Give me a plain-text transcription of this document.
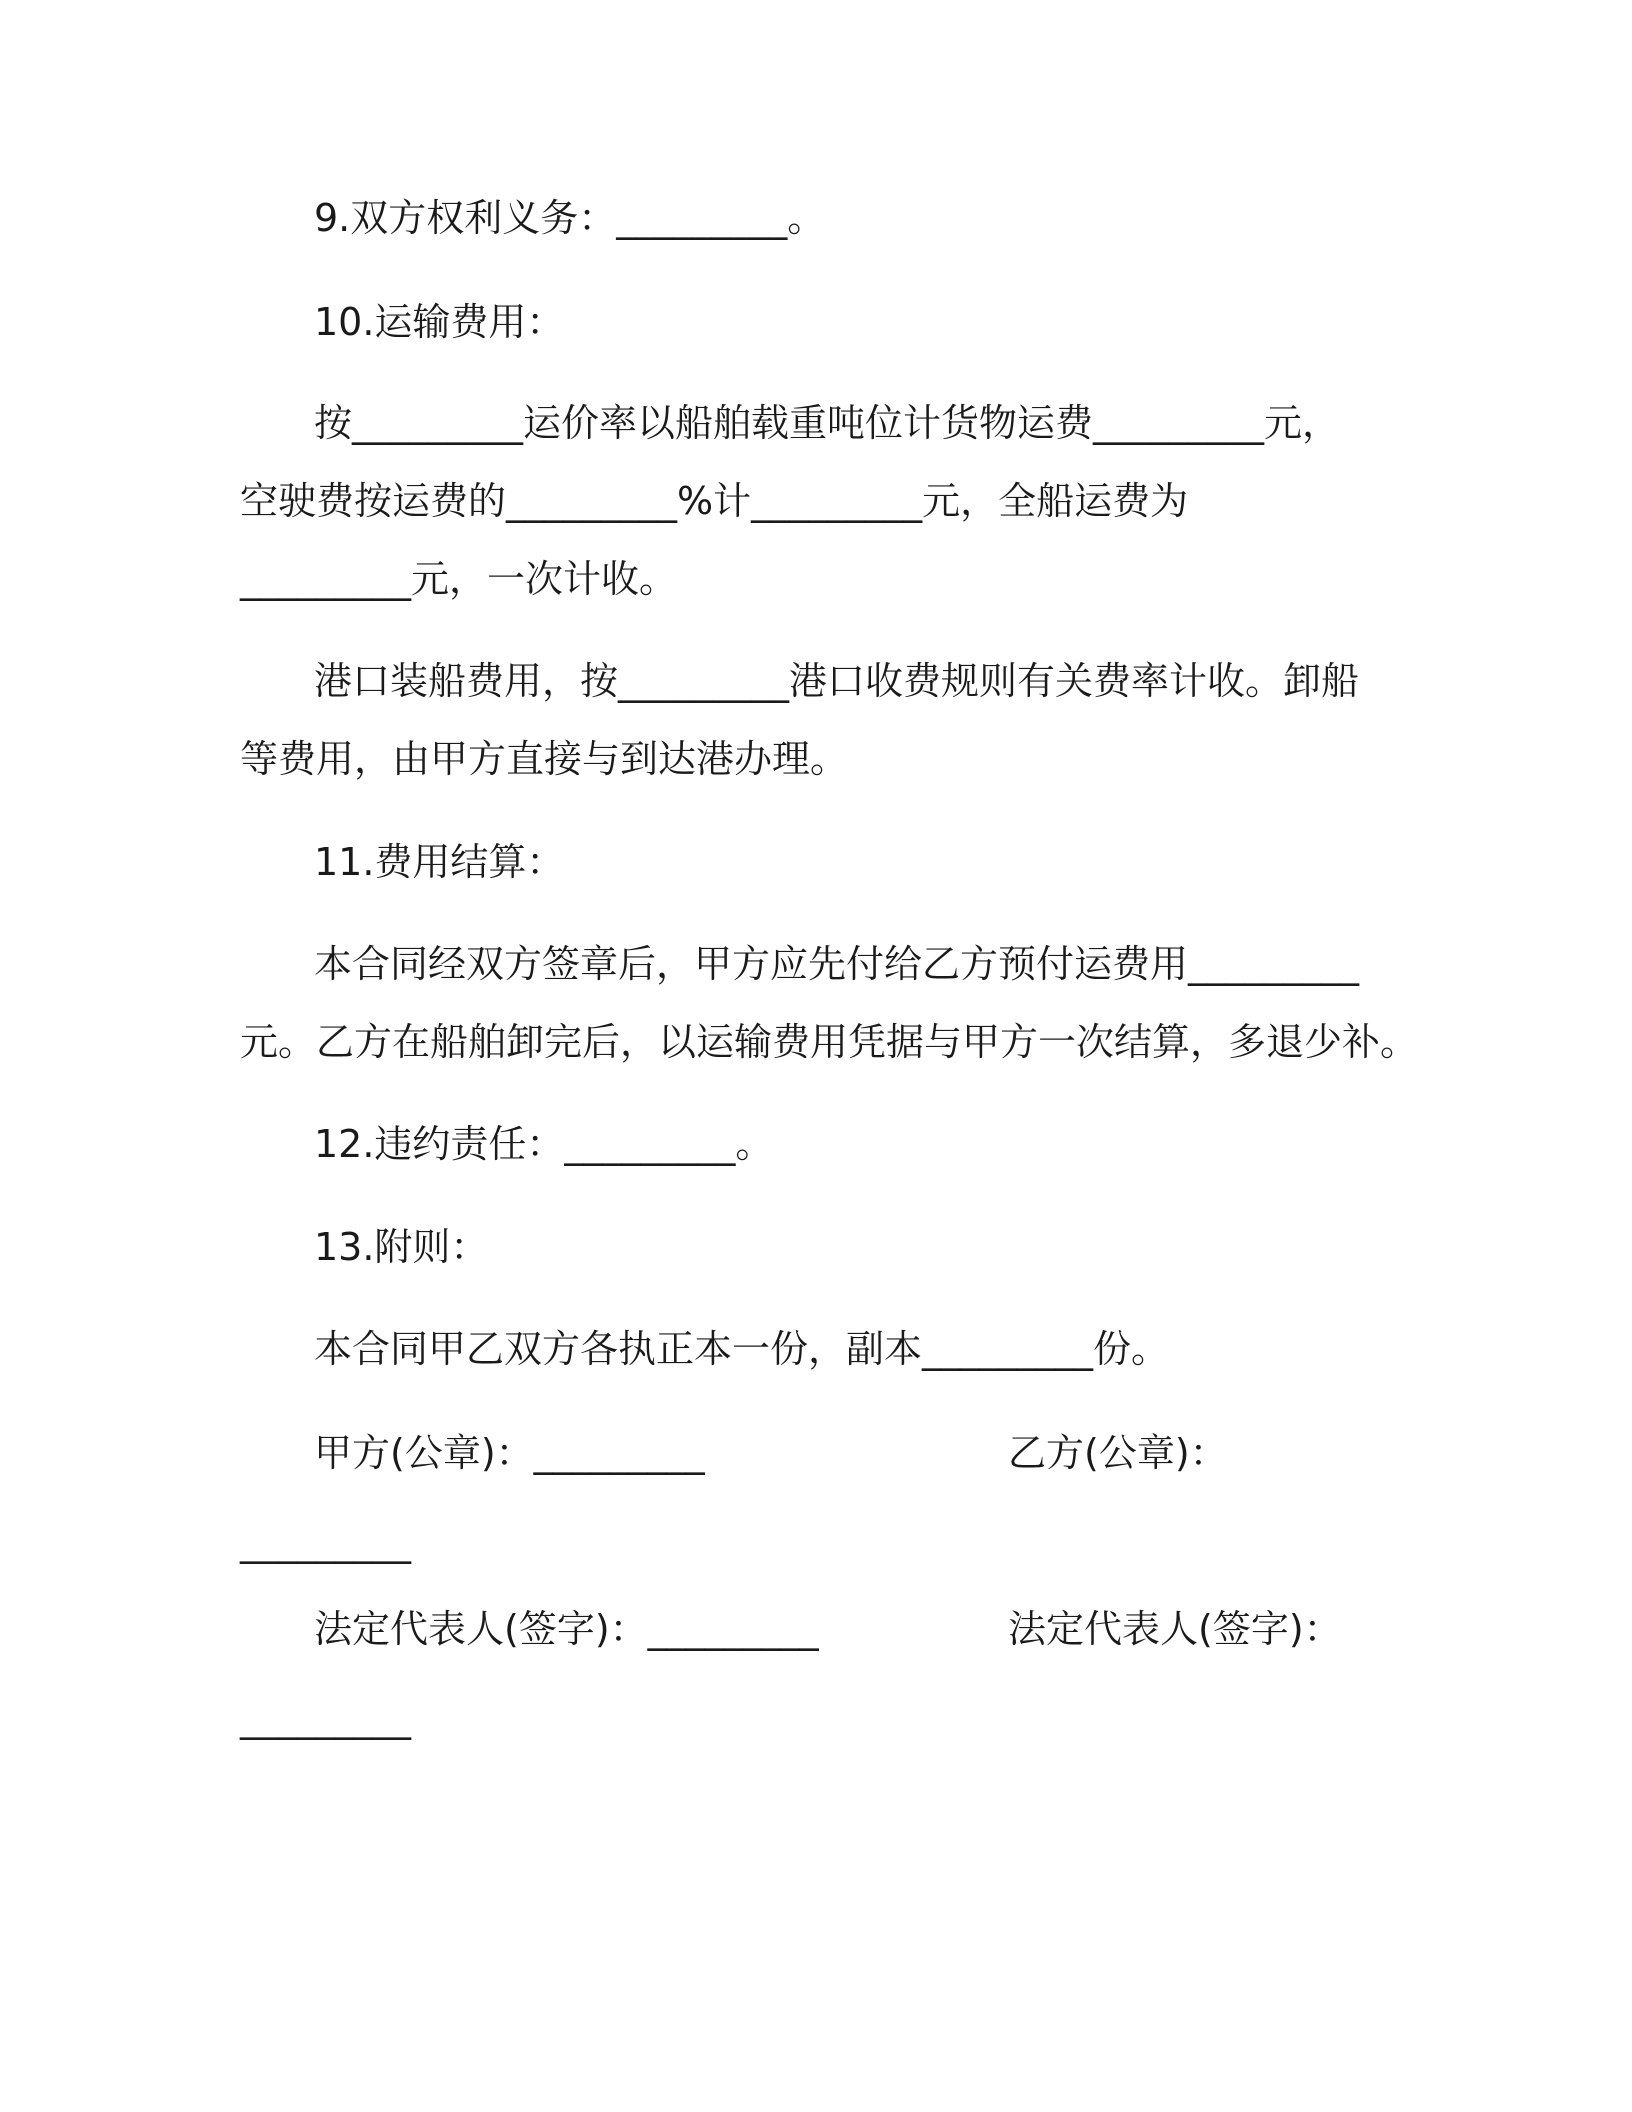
9.双方权利义务：_________。
10.运输费用：
按_________运价率以船舶载重吨位计货物运费_________元，
空驶费按运费的_________%计_________元，全船运费为
_________元，一次计收。
港口装船费用，按_________港口收费规则有关费率计收。卸船
等费用，由甲方直接与到达港办理。
11.费用结算：
本合同经双方签章后，甲方应先付给乙方预付运费用_________
元。乙方在船舶卸完后，以运输费用凭据与甲方一次结算，多退少补。
12.违约责任：_________。
13.附则：
本合同甲乙双方各执正本一份，副本_________份。
甲方(公章)：_________	乙方(公章)：
_________
法定代表人(签字)：_________	法定代表人(签字)：
_________
